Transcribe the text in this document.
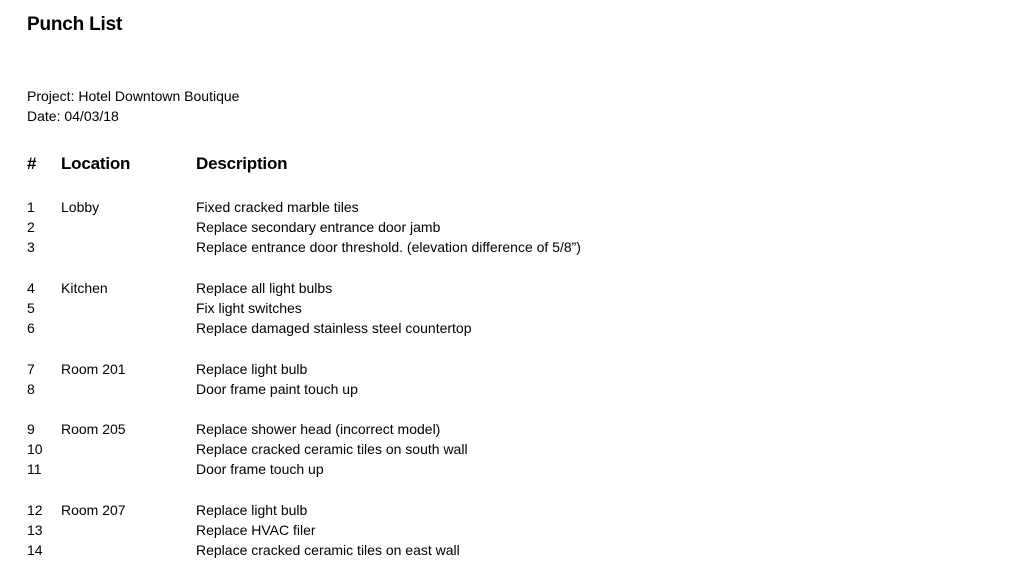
Punch List
Project: Hotel Downtown Boutique
Date: 04/03/18
# Location	Description
1 Lobby	Fixed cracked marble tiles
2	Replace secondary entrance door jamb
3	Replace entrance door threshold. (elevation difference of 5/8”)
4 Kitchen	Replace all light bulbs
5	Fix light switches
6	Replace damaged stainless steel countertop
7 Room 201	Replace light bulb
8	Door frame paint touch up
9 Room 205	Replace shower head (incorrect model)
10	Replace cracked ceramic tiles on south wall
11	Door frame touch up
12 Room 207	Replace light bulb
13	Replace HVAC filer
14	Replace cracked ceramic tiles on east wall
